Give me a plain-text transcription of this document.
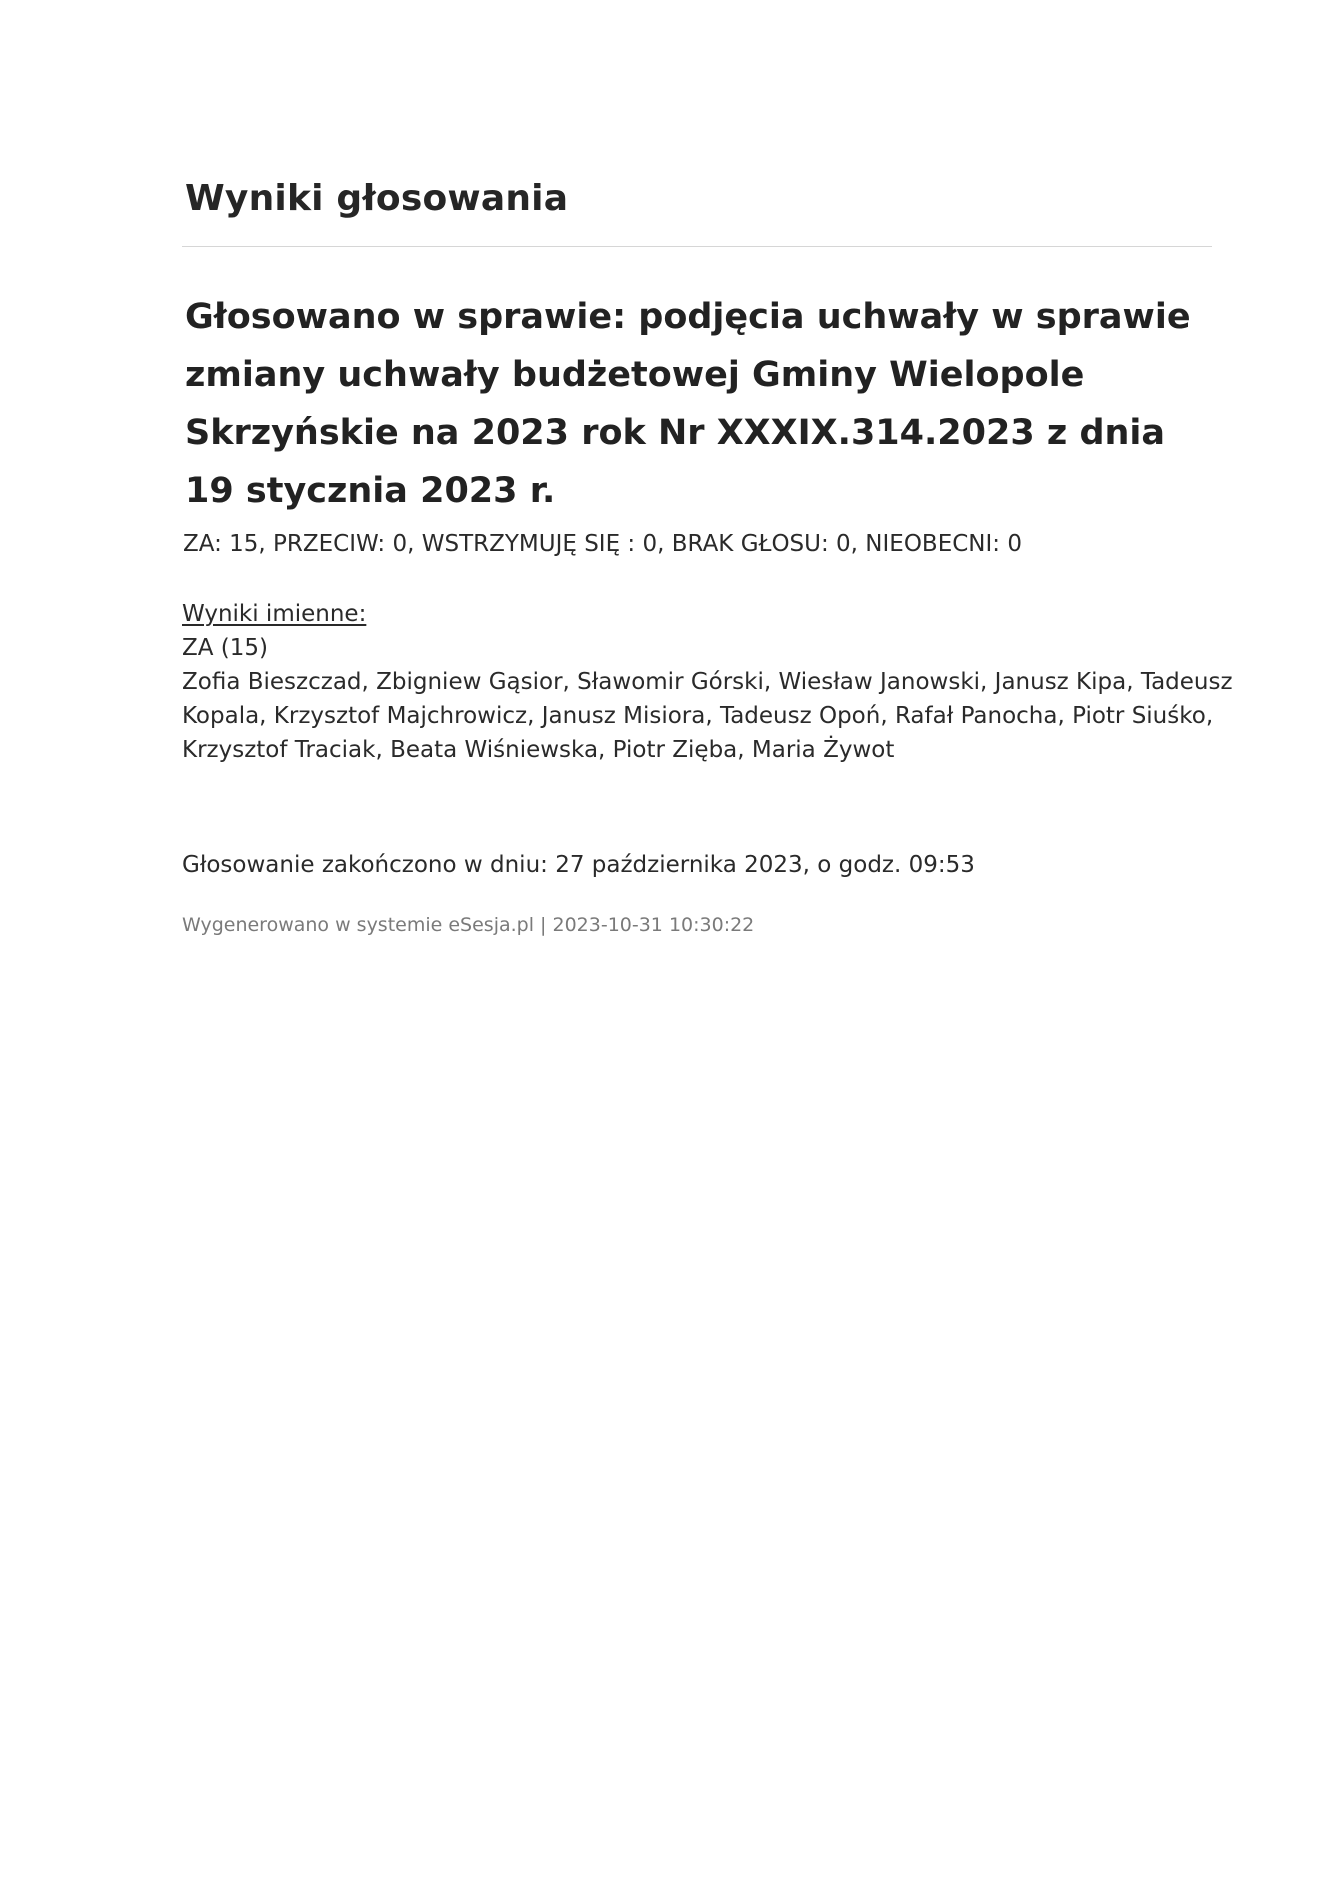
Wyniki głosowania
Głosowano w sprawie: podjęcia uchwały w sprawie zmiany uchwały budżetowej Gminy Wielopole Skrzyńskie na 2023 rok Nr XXXIX.314.2023 z dnia 19 stycznia 2023 r.
ZA: 15, PRZECIW: 0, WSTRZYMUJĘ SIĘ : 0, BRAK GŁOSU: 0, NIEOBECNI: 0
Wyniki imienne:
ZA (15)
Zofia Bieszczad, Zbigniew Gąsior, Sławomir Górski, Wiesław Janowski, Janusz Kipa, Tadeusz Kopala, Krzysztof Majchrowicz, Janusz Misiora, Tadeusz Opoń, Rafał Panocha, Piotr Siuśko, Krzysztof Traciak, Beata Wiśniewska, Piotr Zięba, Maria Żywot
Głosowanie zakończono w dniu: 27 października 2023, o godz. 09:53
Wygenerowano w systemie eSesja.pl | 2023-10-31 10:30:22
